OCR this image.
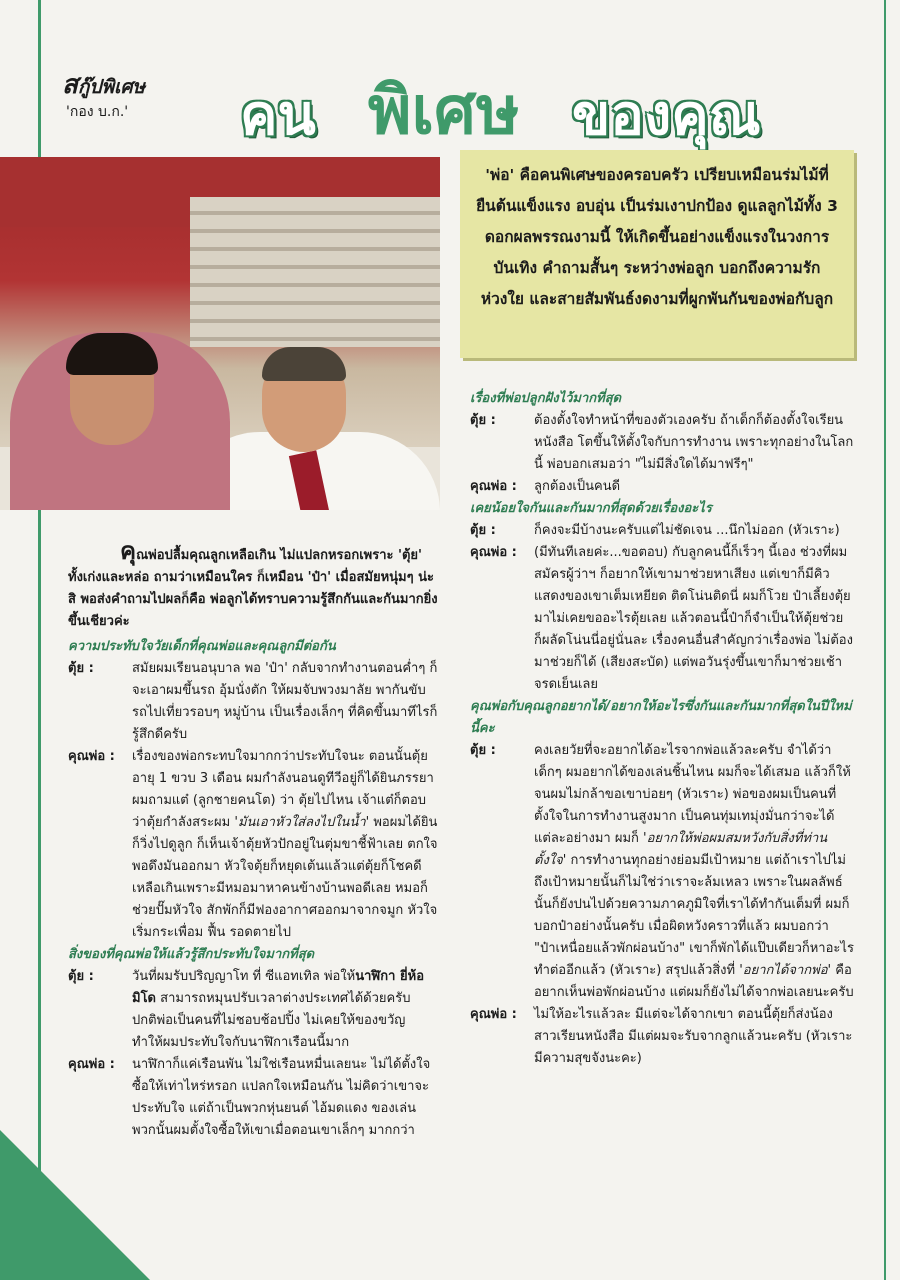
สกู๊ปพิเศษ
'กอง บ.ก.' คน พิเศษ ของคุณ

'พ่อ' คือคนพิเศษของครอบครัว เปรียบเหมือนร่มไม้ที่ยืนต้นแข็งแรง อบอุ่น เป็นร่มเงาปกป้อง ดูแลลูกไม้ทั้ง 3 ดอกผลพรรณงามนี้ ให้เกิดขึ้นอย่างแข็งแรงในวงการบันเทิง คำถามสั้นๆ ระหว่างพ่อลูก บอกถึงความรัก ห่วงใย และสายสัมพันธ์งดงามที่ผูกพันกันของพ่อกับลูก

คุณพ่อปลื้มคุณลูกเหลือเกิน ไม่แปลกหรอกเพราะ 'ตุ้ย' ทั้งเก่งและหล่อ ถามว่าเหมือนใคร ก็เหมือน 'ป๋า' เมื่อสมัยหนุ่มๆ น่ะสิ พอส่งคำถามไปผลก็คือ พ่อลูกได้ทราบความรู้สึกกันและกันมากยิ่งขึ้นเชียวค่ะ

ความประทับใจวัยเด็กที่คุณพ่อและคุณลูกมีต่อกัน

ตุ้ย :	สมัยผมเรียนอนุบาล พอ 'ป๋า' กลับจากทำงานตอนค่ำๆ ก็จะเอาผมขึ้นรถ อุ้มนั่งตัก ให้ผมจับพวงมาลัย พากันขับรถไปเที่ยวรอบๆ หมู่บ้าน เป็นเรื่องเล็กๆ ที่คิดขึ้นมาทีไรก็รู้สึกดีครับ
คุณพ่อ :	เรื่องของพ่อกระทบใจมากกว่าประทับใจนะ ตอนนั้นตุ้ยอายุ 1 ขวบ 3 เดือน ผมกำลังนอนดูทีวีอยู่ก็ได้ยินภรรยาผมถามแต๋ (ลูกชายคนโต) ว่า ตุ้ยไปไหน เจ้าแต๋ก็ตอบว่าตุ้ยกำลังสระผม 'มันเอาหัวใส่ลงไปในน้ำ' พอผมได้ยินก็วิ่งไปดูลูก ก็เห็นเจ้าตุ้ยหัวปักอยู่ในตุ่มขาชี้ฟ้าเลย ตกใจ พอดึงมันออกมา หัวใจตุ้ยก็หยุดเต้นแล้วแต่ตุ้ยก็โชคดีเหลือเกินเพราะมีหมอมาหาคนข้างบ้านพอดีเลย หมอก็ช่วยปั๊มหัวใจ สักพักก็มีฟองอากาศออกมาจากจมูก หัวใจเริ่มกระเพื่อม ฟื้น รอดตายไป

สิ่งของที่คุณพ่อให้แล้วรู้สึกประทับใจมากที่สุด

ตุ้ย :	วันที่ผมรับปริญญาโท ที่ ซีแอทเทิล พ่อให้นาฬิกา ยี่ห้อ มิโด สามารถหมุนปรับเวลาต่างประเทศได้ด้วยครับ ปกติพ่อเป็นคนที่ไม่ชอบช้อปปิ้ง ไม่เคยให้ของขวัญ ทำให้ผมประทับใจกับนาฬิกาเรือนนี้มาก
คุณพ่อ :	นาฬิกาก็แค่เรือนพัน ไม่ใช่เรือนหมื่นเลยนะ ไม่ได้ตั้งใจซื้อให้เท่าไหร่หรอก แปลกใจเหมือนกัน ไม่คิดว่าเขาจะประทับใจ แต่ถ้าเป็นพวกหุ่นยนต์ ไอ้มดแดง ของเล่นพวกนั้นผมตั้งใจซื้อให้เขาเมื่อตอนเขาเล็กๆ มากกว่า

เรื่องที่พ่อปลูกฝังไว้มากที่สุด

ตุ้ย :	ต้องตั้งใจทำหน้าที่ของตัวเองครับ ถ้าเด็กก็ต้องตั้งใจเรียนหนังสือ โตขึ้นให้ตั้งใจกับการทำงาน เพราะทุกอย่างในโลกนี้ พ่อบอกเสมอว่า "ไม่มีสิ่งใดได้มาฟรีๆ"
คุณพ่อ :	ลูกต้องเป็นคนดี

เคยน้อยใจกันและกันมากที่สุดด้วยเรื่องอะไร

ตุ้ย :	ก็คงจะมีบ้างนะครับแต่ไม่ชัดเจน ...นึกไม่ออก (หัวเราะ)
คุณพ่อ :	(มีทันทีเลยค่ะ...ขอตอบ) กับลูกคนนี้ก็เร็วๆ นี้เอง ช่วงที่ผมสมัครผู้ว่าฯ ก็อยากให้เขามาช่วยหาเสียง แต่เขาก็มีคิวแสดงของเขาเต็มเหยียด ติดโน่นติดนี่ ผมก็โวย ป๋าเลี้ยงตุ้ยมาไม่เคยขออะไรตุ้ยเลย แล้วตอนนี้ป๋าก็จำเป็นให้ตุ้ยช่วย ก็ผลัดโน่นนี่อยู่นั่นละ เรื่องคนอื่นสำคัญกว่าเรื่องพ่อ ไม่ต้องมาช่วยก็ได้ (เสียงสะบัด) แต่พอวันรุ่งขึ้นเขาก็มาช่วยเช้าจรดเย็นเลย

คุณพ่อกับคุณลูกอยากได้/อยากให้อะไรซึ่งกันและกันมากที่สุดในปีใหม่นี้คะ

ตุ้ย :	คงเลยวัยที่จะอยากได้อะไรจากพ่อแล้วละครับ จำได้ว่าเด็กๆ ผมอยากได้ของเล่นชิ้นไหน ผมก็จะได้เสมอ แล้วก็ให้จนผมไม่กล้าขอเขาบ่อยๆ (หัวเราะ) พ่อของผมเป็นคนที่ตั้งใจในการทำงานสูงมาก เป็นคนทุ่มเทมุ่งมั่นกว่าจะได้แต่ละอย่างมา ผมก็ 'อยากให้พ่อผมสมหวังกับสิ่งที่ท่านตั้งใจ' การทำงานทุกอย่างย่อมมีเป้าหมาย แต่ถ้าเราไปไม่ถึงเป้าหมายนั้นก็ไม่ใช่ว่าเราจะล้มเหลว เพราะในผลลัพธ์นั้นก็ยังปนไปด้วยความภาคภูมิใจที่เราได้ทำกันเต็มที่ ผมก็บอกป๋าอย่างนั้นครับ เมื่อผิดหวังคราวที่แล้ว ผมบอกว่า "ป๋าเหนื่อยแล้วพักผ่อนบ้าง" เขาก็พักได้แป๊บเดียวก็หาอะไรทำต่ออีกแล้ว (หัวเราะ) สรุปแล้วสิ่งที่ 'อยากได้จากพ่อ' คือ อยากเห็นพ่อพักผ่อนบ้าง แต่ผมก็ยังไม่ได้จากพ่อเลยนะครับ
คุณพ่อ :	ไม่ให้อะไรแล้วละ มีแต่จะได้จากเขา ตอนนี้ตุ้ยก็ส่งน้องสาวเรียนหนังสือ มีแต่ผมจะรับจากลูกแล้วนะครับ (หัวเราะมีความสุขจังนะคะ)
